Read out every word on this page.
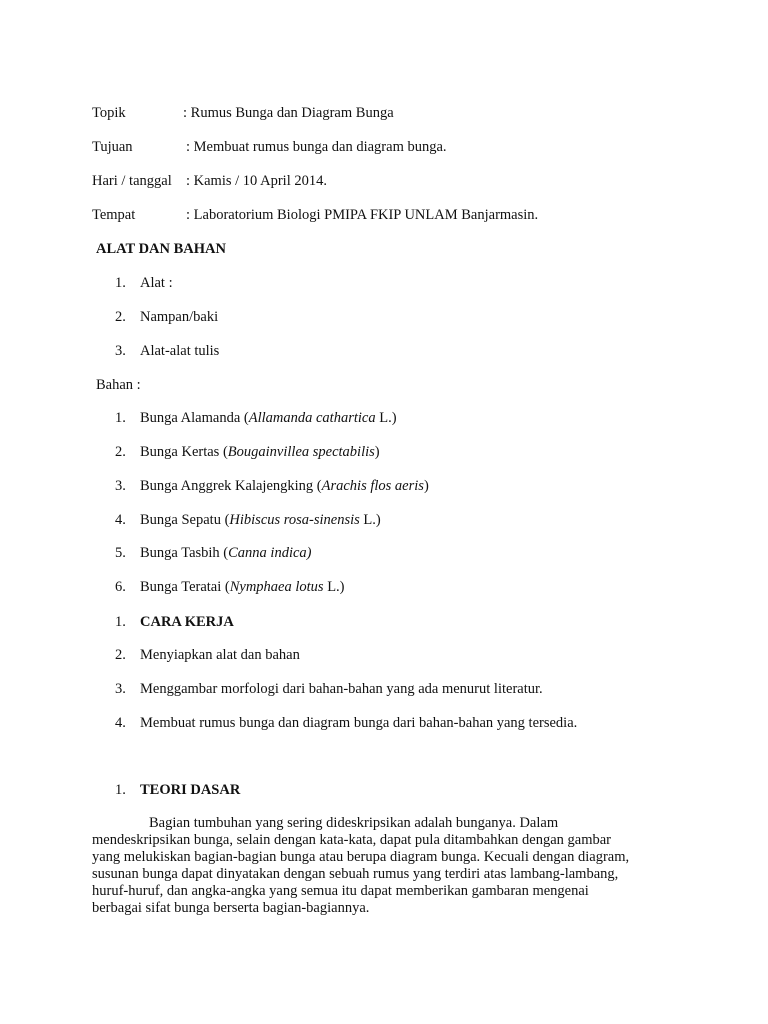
Topik	: Rumus Bunga dan Diagram Bunga
Tujuan	: Membuat rumus bunga dan diagram bunga.
Hari / tanggal : Kamis / 10 April 2014.
Tempat	: Laboratorium Biologi PMIPA FKIP UNLAM Banjarmasin.
ALAT DAN BAHAN
1. Alat :
2. Nampan/baki
3. Alat-alat tulis
Bahan :
1. Bunga Alamanda (Allamanda cathartica L.)
2. Bunga Kertas (Bougainvillea spectabilis)
3. Bunga Anggrek Kalajengking (Arachis flos aeris)
4. Bunga Sepatu (Hibiscus rosa-sinensis L.)
5. Bunga Tasbih (Canna indica)
6. Bunga Teratai (Nymphaea lotus L.)
1. CARA KERJA
2. Menyiapkan alat dan bahan
3. Menggambar morfologi dari bahan-bahan yang ada menurut literatur.
4. Membuat rumus bunga dan diagram bunga dari bahan-bahan yang tersedia.
1. TEORI DASAR
Bagian tumbuhan yang sering dideskripsikan adalah bunganya. Dalam
mendeskripsikan bunga, selain dengan kata-kata, dapat pula ditambahkan dengan gambar
yang melukiskan bagian-bagian bunga atau berupa diagram bunga. Kecuali dengan diagram,
susunan bunga dapat dinyatakan dengan sebuah rumus yang terdiri atas lambang-lambang,
huruf-huruf, dan angka-angka yang semua itu dapat memberikan gambaran mengenai
berbagai sifat bunga berserta bagian-bagiannya.
